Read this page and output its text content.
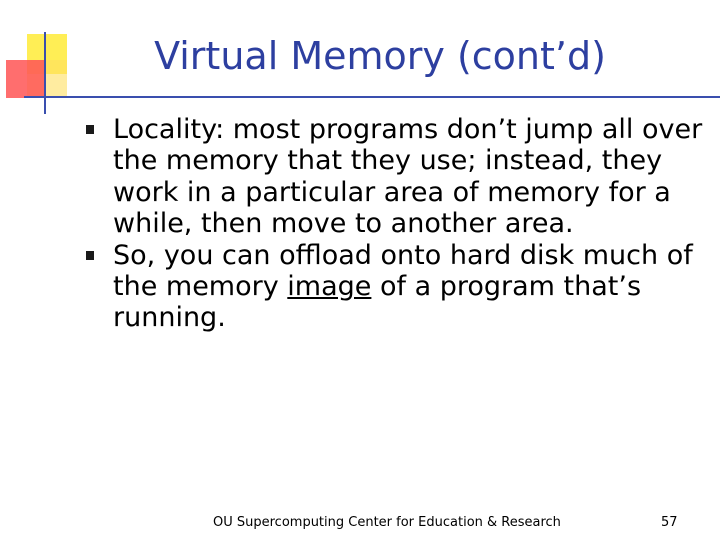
Virtual Memory (cont’d)
Locality: most programs don’t jump all over the memory that they use; instead, they work in a particular area of memory for a while, then move to another area.
So, you can offload onto hard disk much of the memory image of a program that’s running.
OU Supercomputing Center for Education & Research	57
